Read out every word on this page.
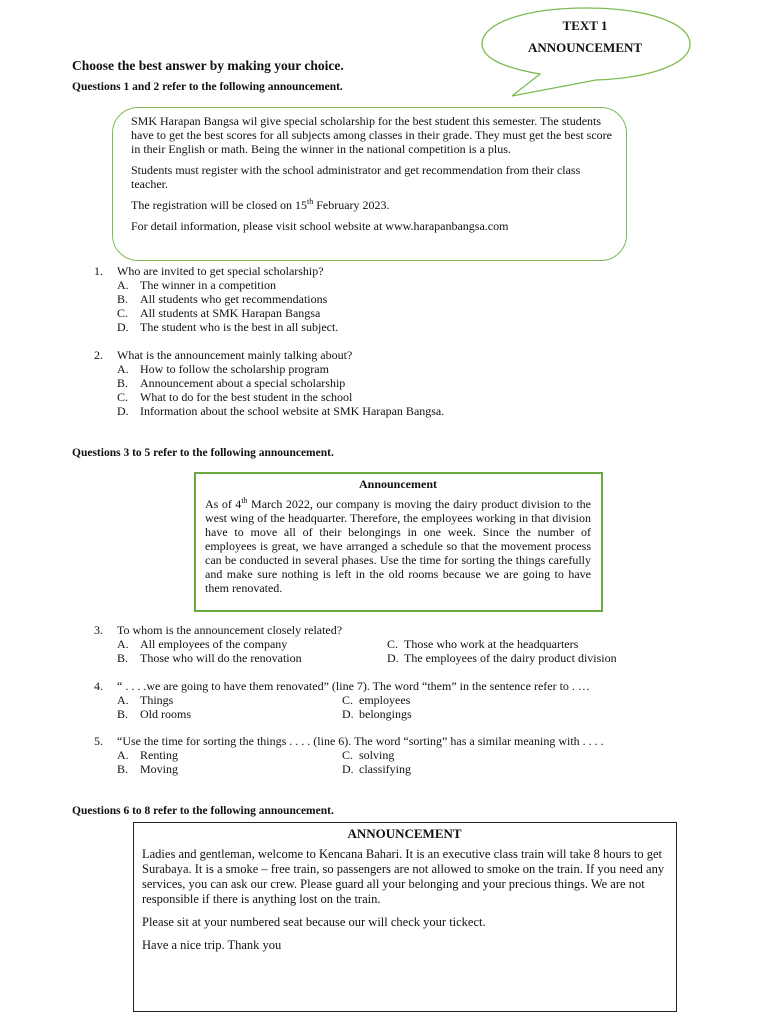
TEXT 1
ANNOUNCEMENT
Choose the best answer by making your choice.
Questions 1 and 2 refer to the following announcement.

SMK Harapan Bangsa wil give special scholarship for the best student this semester. The students have to get the best scores for all subjects among classes in their grade. They must get the best score in their English or math. Being the winner in the national competition is a plus.

Students must register with the school administrator and get recommendation from their class teacher.

The registration will be closed on 15th February 2023.

For detail information, please visit school website at www.harapanbangsa.com

1. Who are invited to get special scholarship?
A. The winner in a competition
B. All students who get recommendations
C. All students at SMK Harapan Bangsa
D. The student who is the best in all subject.
2. What is the announcement mainly talking about?
A. How to follow the scholarship program
B. Announcement about a special scholarship
C. What to do for the best student in the school
D. Information about the school website at SMK Harapan Bangsa.
Questions 3 to 5 refer to the following announcement.
Announcement
As of 4th March 2022, our company is moving the dairy product division to the west wing of the headquarter. Therefore, the employees working in that division have to move all of their belongings in one week. Since the number of employees is great, we have arranged a schedule so that the movement process can be conducted in several phases. Use the time for sorting the things carefully and make sure nothing is left in the old rooms because we are going to have them renovated.
3. To whom is the announcement closely related?
A. All employees of the company
B. Those who will do the renovation
C. Those who work at the headquarters
D. The employees of the dairy product division
4. “ . . . .we are going to have them renovated” (line 7). The word “them” in the sentence refer to . …
A. Things
B. Old rooms
C. employees
D. belongings
5. “Use the time for sorting the things . . . . (line 6). The word “sorting” has a similar meaning with . . . .
A. Renting
B. Moving
C. solving
D. classifying
Questions 6 to 8 refer to the following announcement.
ANNOUNCEMENT

Ladies and gentleman, welcome to Kencana Bahari. It is an executive class train will take 8 hours to get Surabaya. It is a smoke – free train, so passengers are not allowed to smoke on the train. If you need any services, you can ask our crew. Please guard all your belonging and your precious things. We are not responsible if there is anything lost on the train.

Please sit at your numbered seat because our will check your tickect.

Have a nice trip. Thank you
